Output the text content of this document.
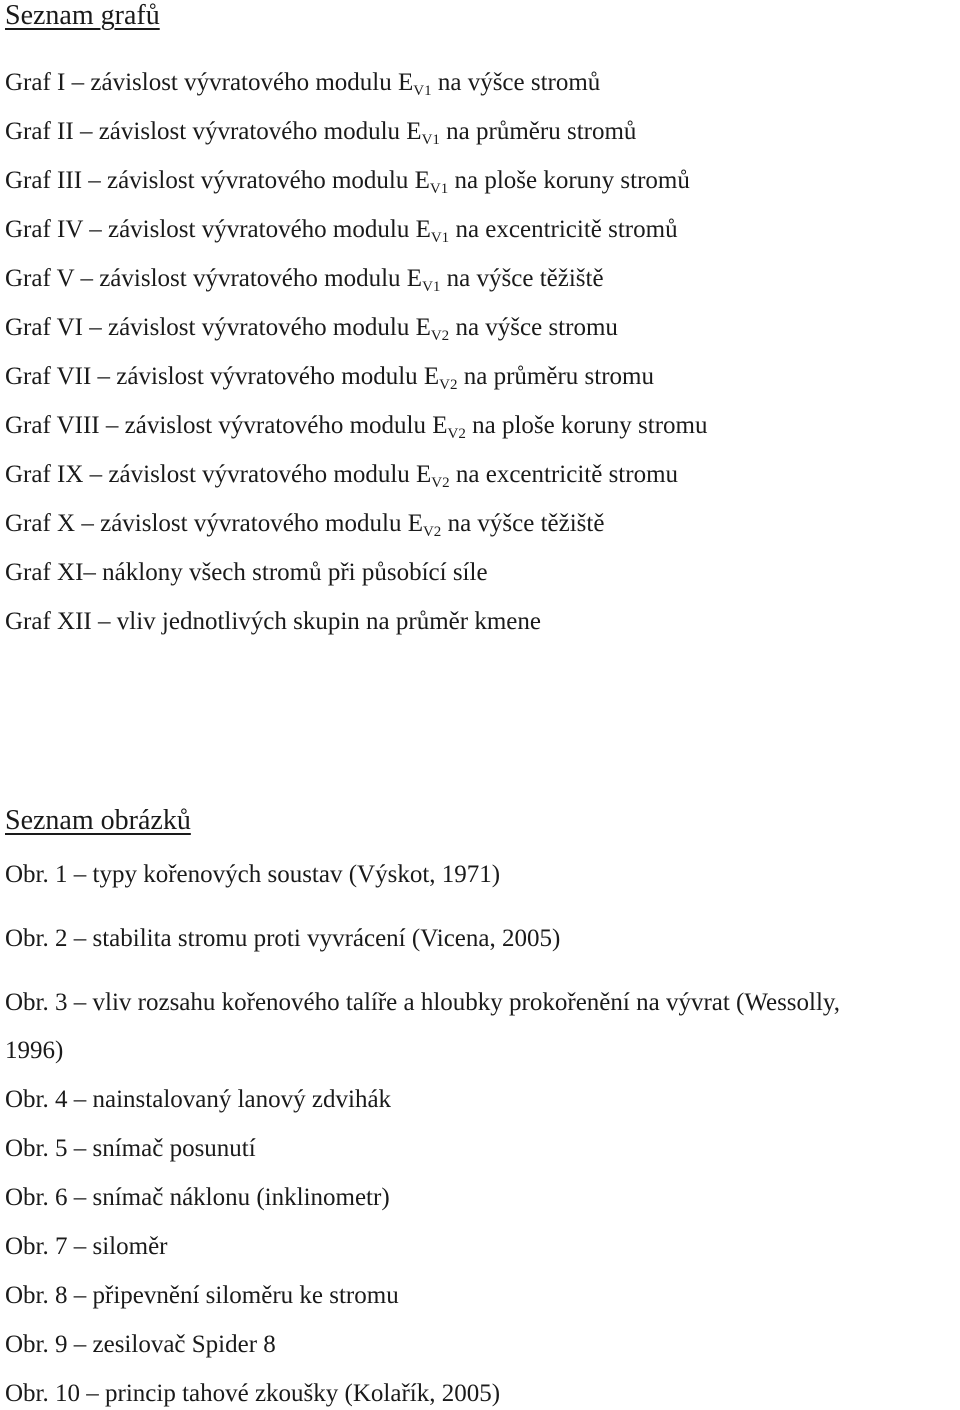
Seznam grafů
Graf I – závislost vývratového modulu $E_{V1}$ na výšce stromů
Graf II – závislost vývratového modulu $E_{V1}$ na průměru stromů
Graf III – závislost vývratového modulu $E_{V1}$ na ploše koruny stromů
Graf IV – závislost vývratového modulu $E_{V1}$ na excentricitě stromů
Graf V – závislost vývratového modulu $E_{V1}$ na výšce těžiště
Graf VI – závislost vývratového modulu $E_{V2}$ na výšce stromu
Graf VII – závislost vývratového modulu $E_{V2}$ na průměru stromu
Graf VIII – závislost vývratového modulu $E_{V2}$ na ploše koruny stromu
Graf IX – závislost vývratového modulu $E_{V2}$ na excentricitě stromu
Graf X – závislost vývratového modulu $E_{V2}$ na výšce těžiště
Graf XI– náklony všech stromů při působící síle
Graf XII – vliv jednotlivých skupin na průměr kmene
Seznam obrázků
Obr. 1 – typy kořenových soustav (Výskot, 1971)
Obr. 2 – stabilita stromu proti vyvrácení (Vicena, 2005)
Obr. 3 – vliv rozsahu kořenového talíře a hloubky prokořenění na vývrat (Wessolly,
1996)
Obr. 4 – nainstalovaný lanový zdvihák
Obr. 5 – snímač posunutí
Obr. 6 – snímač náklonu (inklinometr)
Obr. 7 – siloměr
Obr. 8 – připevnění siloměru ke stromu
Obr. 9 – zesilovač Spider 8
Obr. 10 – princip tahové zkoušky (Kolařík, 2005)
